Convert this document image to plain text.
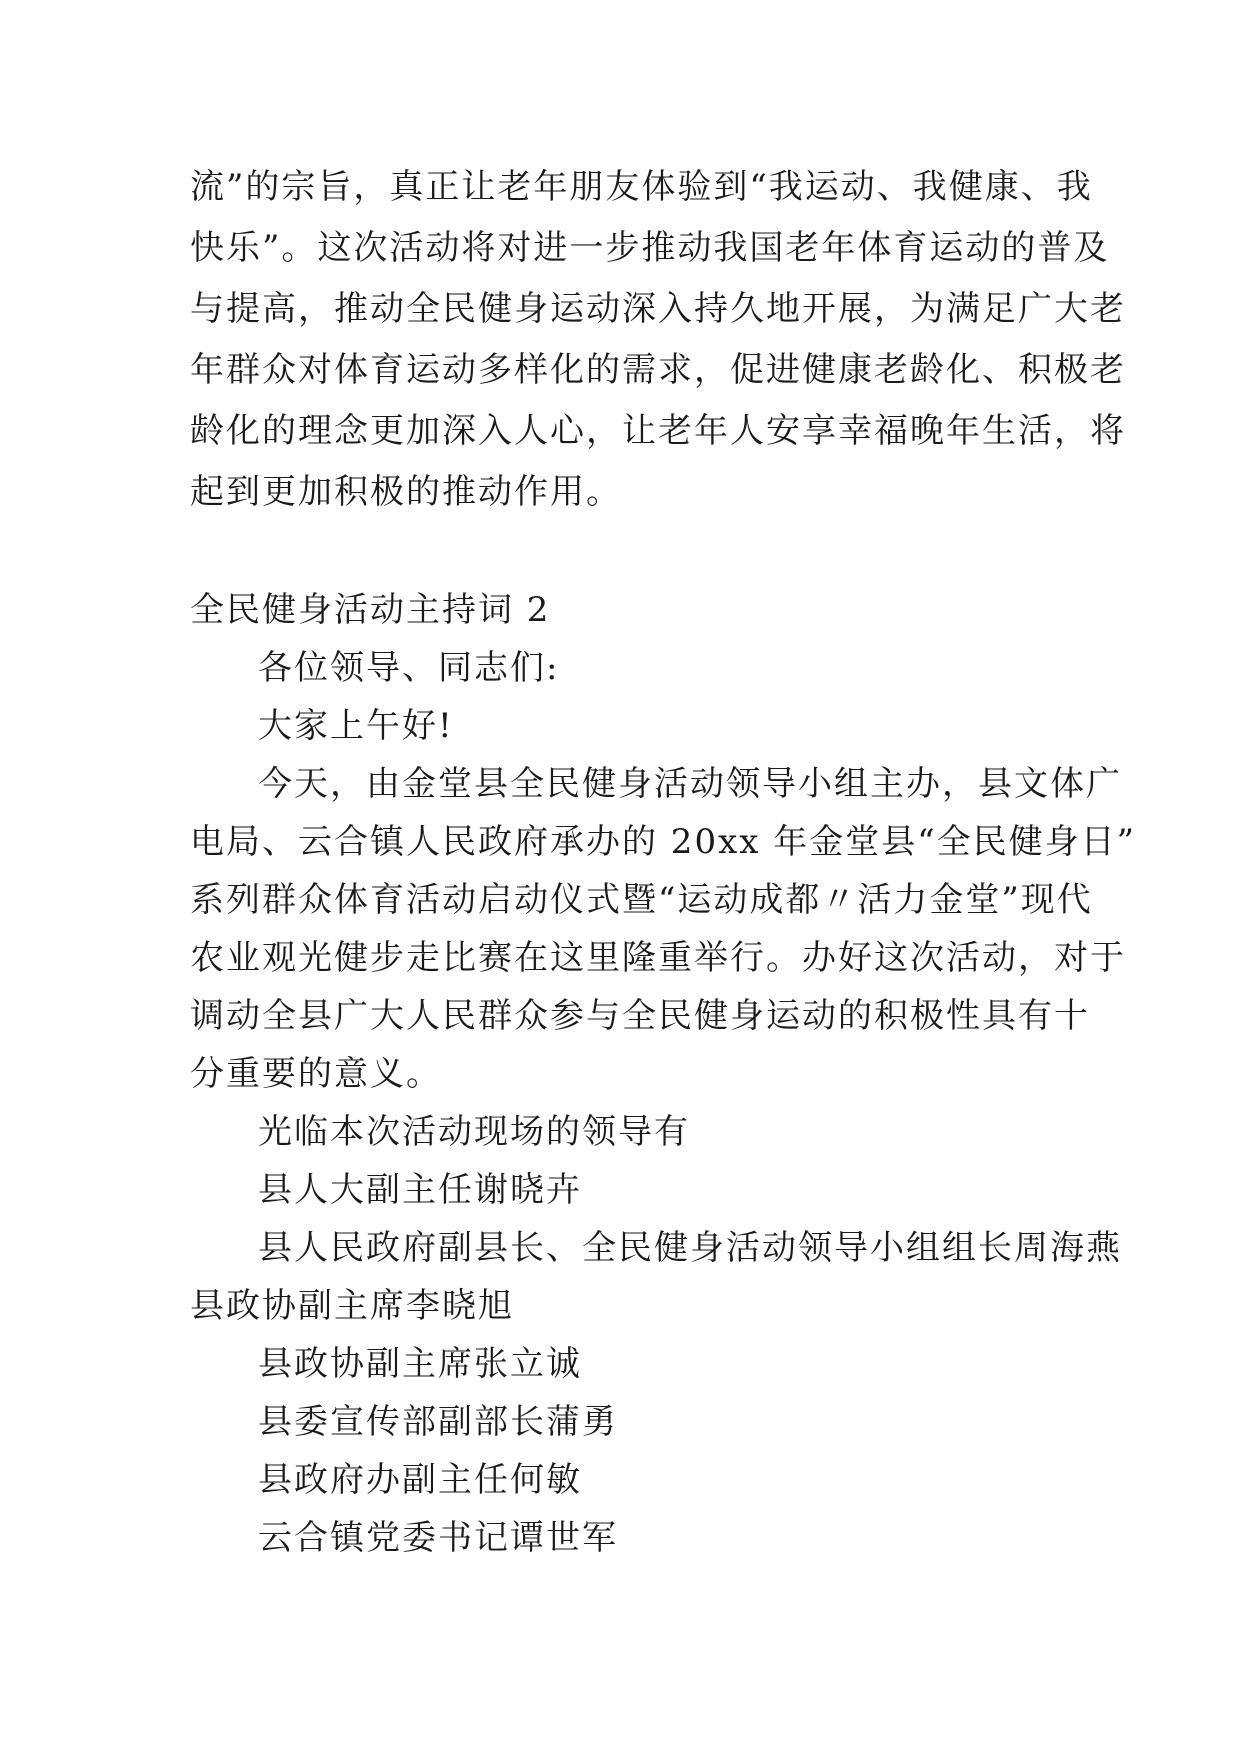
流”的宗旨，真正让老年朋友体验到“我运动、我健康、我
快乐”。这次活动将对进一步推动我国老年体育运动的普及
与提高，推动全民健身运动深入持久地开展，为满足广大老
年群众对体育运动多样化的需求，促进健康老龄化、积极老
龄化的理念更加深入人心，让老年人安享幸福晚年生活，将
起到更加积极的推动作用。
全民健身活动主持词 2
各位领导、同志们:
大家上午好!
今天，由金堂县全民健身活动领导小组主办，县文体广
电局、云合镇人民政府承办的 20xx 年金堂县“全民健身日”
系列群众体育活动启动仪式暨“运动成都〃活力金堂”现代
农业观光健步走比赛在这里隆重举行。办好这次活动，对于
调动全县广大人民群众参与全民健身运动的积极性具有十
分重要的意义。
光临本次活动现场的领导有
县人大副主任谢晓卉
县人民政府副县长、全民健身活动领导小组组长周海燕
县政协副主席李晓旭
县政协副主席张立诚
县委宣传部副部长蒲勇
县政府办副主任何敏
云合镇党委书记谭世军
